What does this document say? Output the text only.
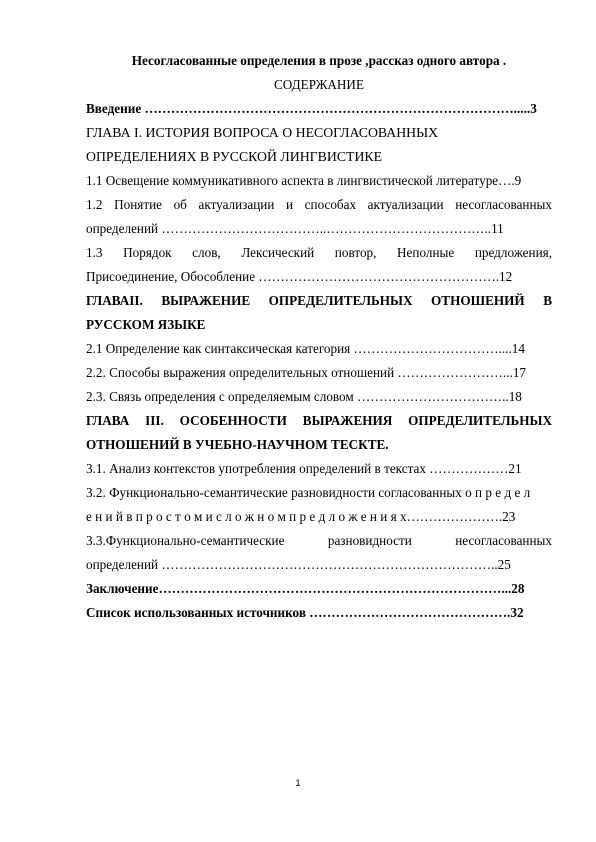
Несогласованные определения в прозе ,рассказ одного автора .
СОДЕРЖАНИЕ
Введение ………………………………………………………………………….....3
ГЛАВА I. ИСТОРИЯ ВОПРОСА О НЕСОГЛАСОВАННЫХ
ОПРЕДЕЛЕНИЯХ В РУССКОЙ ЛИНГВИСТИКЕ
1.1 Освещение коммуникативного аспекта в лингвистической литературе….9
1.2 Понятие об актуализации и способах актуализации несогласованных
определений ………………………………..………………………………..11
1.3 Порядок слов, Лексический повтор, Неполные предложения,
Присоединение, Обособление ……………………………………………….12
ГЛАВАII. ВЫРАЖЕНИЕ ОПРЕДЕЛИТЕЛЬНЫХ ОТНОШЕНИЙ В
РУССКОМ ЯЗЫКЕ
2.1 Определение как синтаксическая категория ……………………………....14
2.2. Способы выражения определительных отношений ……………………...17
2.3. Связь определения с определяемым словом ……………………………..18
ГЛАВА III. ОСОБЕННОСТИ ВЫРАЖЕНИЯ ОПРЕДЕЛИТЕЛЬНЫХ
ОТНОШЕНИЙ В УЧЕБНО-НАУЧНОМ ТЕСКТЕ.
3.1. Анализ контекстов употребления определений в текстах ………………21
3.2. Функционально-семантические разновидности согласованных о п р е д е л
е н и й в п р о с т о м и с л о ж н о м п р е д л о ж е н и я х………………….23
3.3.Функционально-семантические разновидности несогласованных
определений …………………………………………………………………..25
Заключение……………………………………………………………………...28
Список использованных источников ……………………………………….32
1
